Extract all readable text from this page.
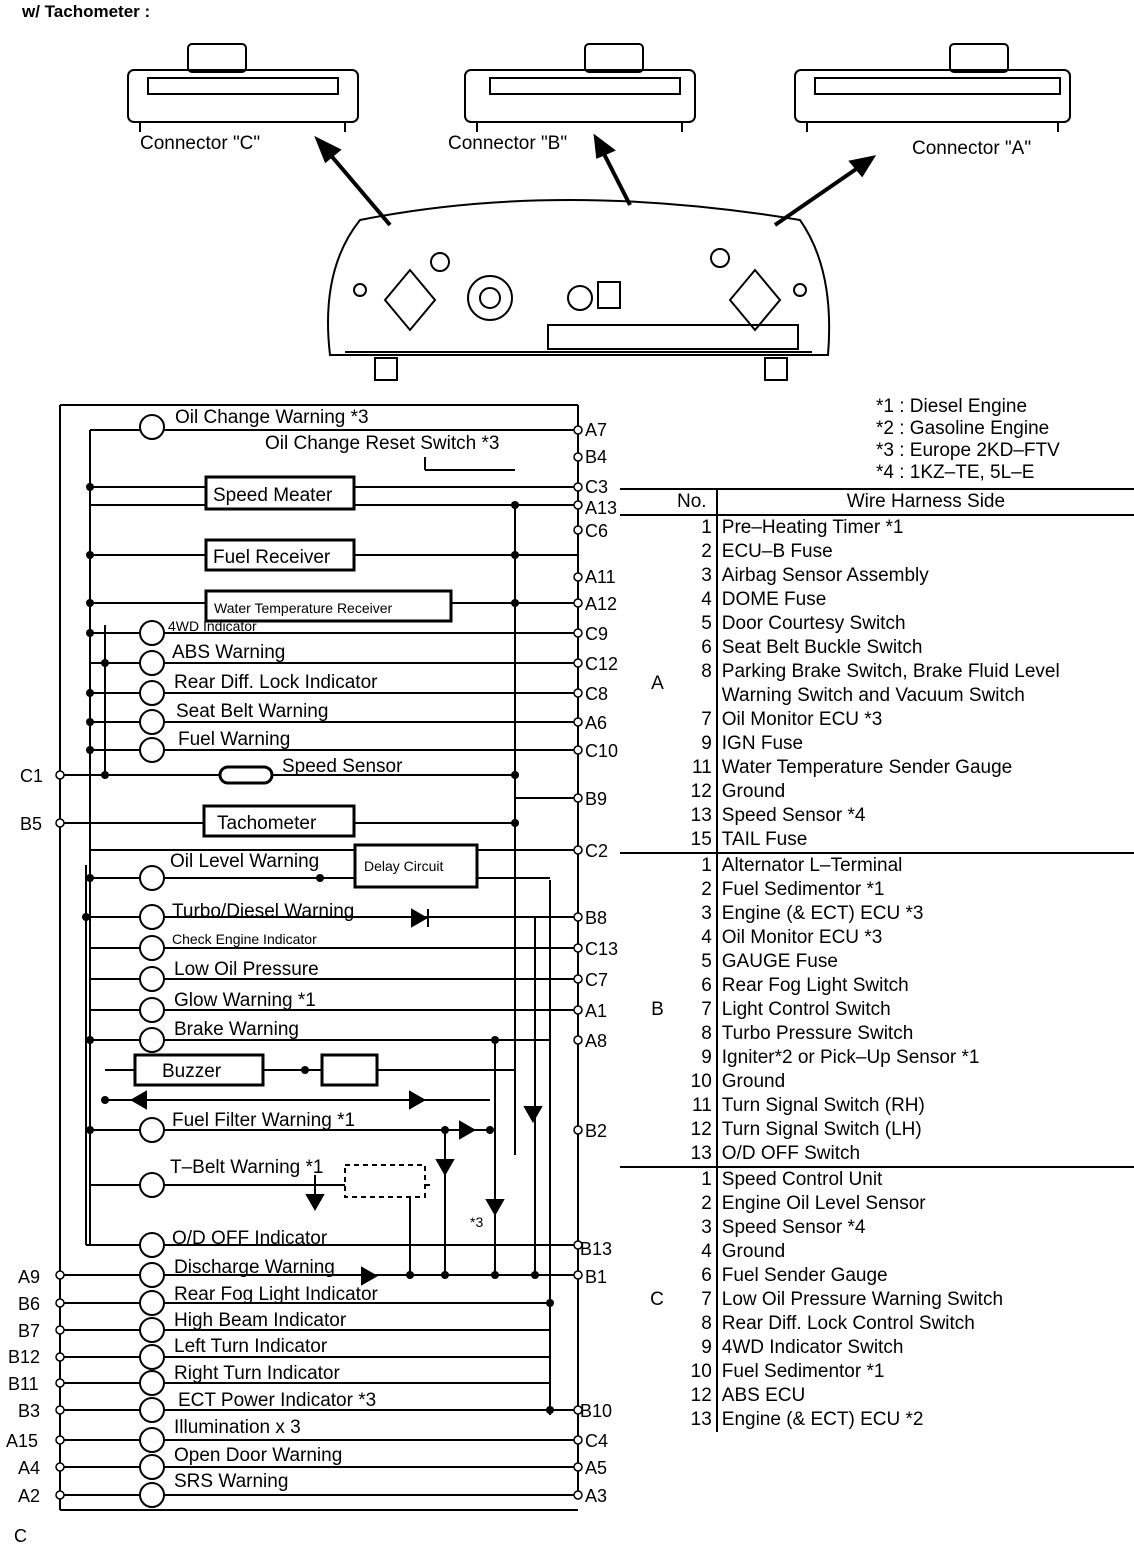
w/ Tachometer :
Connector "C"	Connector "B"	Connector "A"
*1 : Diesel Engine
*2 : Gasoline Engine
*3 : Europe 2KD–FTV
*4 : 1KZ–TE, 5L–E
Oil Change Warning *3
Oil Change Reset Switch *3
Speed Meater
Fuel Receiver
Water Temperature Receiver
4WD Indicator
ABS Warning
Rear Diff. Lock Indicator
Seat Belt Warning
Fuel Warning
Speed Sensor
Tachometer
Oil Level Warning	Delay Circuit
Turbo/Diesel Warning
Check Engine Indicator
Low Oil Pressure
Glow Warning *1
Brake Warning
Buzzer
Fuel Filter Warning *1
T–Belt Warning *1
*3
O/D OFF Indicator
Discharge Warning
Rear Fog Light Indicator
High Beam Indicator
Left Turn Indicator
Right Turn Indicator
ECT Power Indicator *3
Illumination x 3
Open Door Warning
SRS Warning
A7
B4
C3
A13
C6
A11
A12
C9
C12
C8
A6
C10
B9
C2
B8
C13
C7
A1
A8
B2
B13
B1
B10
C4
A5
A3
C1
B5
A9
B6
B7
B12
B11
B3
A15
A4
A2
	No.	Wire Harness Side
A	1	Pre–Heating Timer *1
	2	ECU–B Fuse
	3	Airbag Sensor Assembly
	4	DOME Fuse
	5	Door Courtesy Switch
	6	Seat Belt Buckle Switch
	8	Parking Brake Switch, Brake Fluid Level Warning Switch and Vacuum Switch
	7	Oil Monitor ECU *3
	9	IGN Fuse
	11	Water Temperature Sender Gauge
	12	Ground
	13	Speed Sensor *4
	15	TAIL Fuse
B	1	Alternator L–Terminal
	2	Fuel Sedimentor *1
	3	Engine (& ECT) ECU *3
	4	Oil Monitor ECU *3
	5	GAUGE Fuse
	6	Rear Fog Light Switch
	7	Light Control Switch
	8	Turbo Pressure Switch
	9	Igniter*2 or Pick–Up Sensor *1
	10	Ground
	11	Turn Signal Switch (RH)
	12	Turn Signal Switch (LH)
	13	O/D OFF Switch
C	1	Speed Control Unit
	2	Engine Oil Level Sensor
	3	Speed Sensor *4
	4	Ground
	6	Fuel Sender Gauge
	7	Low Oil Pressure Warning Switch
	8	Rear Diff. Lock Control Switch
	9	4WD Indicator Switch
	10	Fuel Sedimentor *1
	12	ABS ECU
	13	Engine (& ECT) ECU *2
C
